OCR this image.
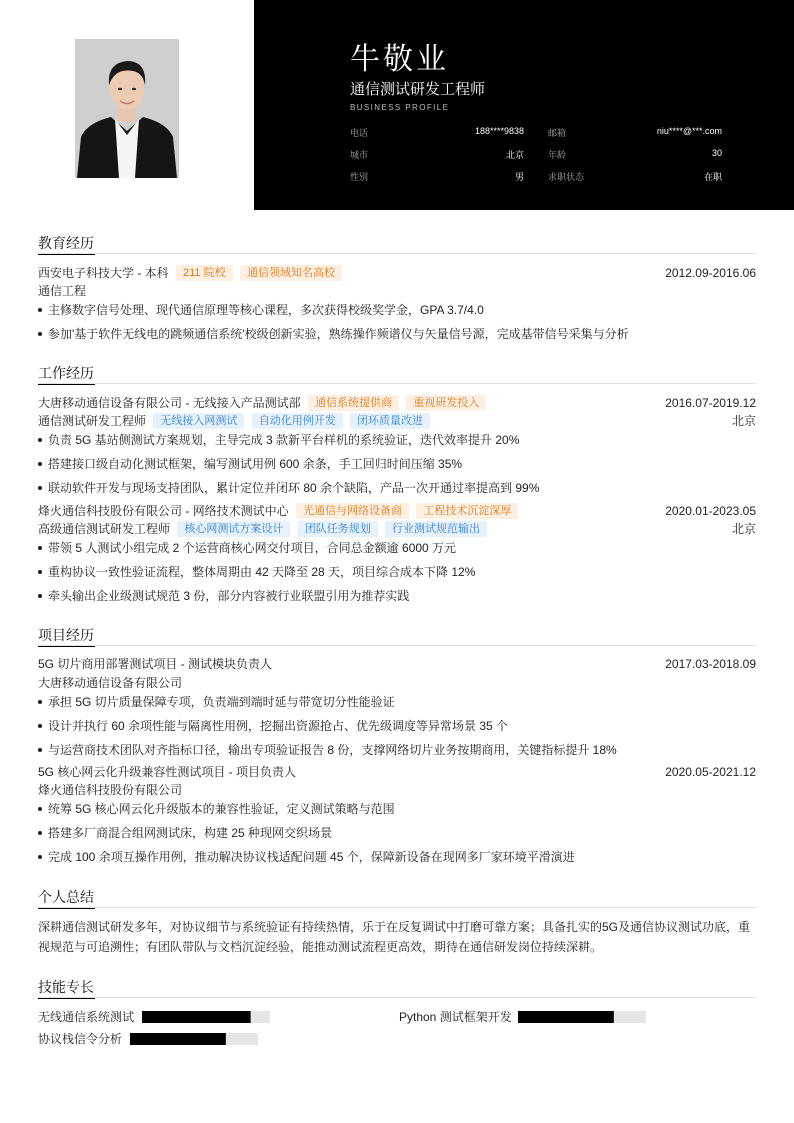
牛敬业
通信测试研发工程师
BUSINESS PROFILE
电话	188****9838	邮箱	niu****@***.com
城市	北京	年龄	30
性别	男	求职状态	在职
教育经历
西安电子科技大学 - 本科 211 院校 通信领域知名高校	2012.09-2016.06
通信工程
主修数字信号处理、现代通信原理等核心课程，多次获得校级奖学金，GPA 3.7/4.0
参加'基于软件无线电的跳频通信系统'校级创新实验，熟练操作频谱仪与矢量信号源，完成基带信号采集与分析
工作经历
大唐移动通信设备有限公司 - 无线接入产品测试部 通信系统提供商 重视研发投入	2016.07-2019.12
通信测试研发工程师 无线接入网测试 自动化用例开发 闭环质量改进	北京
负责 5G 基站侧测试方案规划，主导完成 3 款新平台样机的系统验证，迭代效率提升 20%
搭建接口级自动化测试框架，编写测试用例 600 余条，手工回归时间压缩 35%
联动软件开发与现场支持团队，累计定位并闭环 80 余个缺陷，产品一次开通过率提高到 99%
烽火通信科技股份有限公司 - 网络技术测试中心 光通信与网络设备商 工程技术沉淀深厚	2020.01-2023.05
高级通信测试研发工程师 核心网测试方案设计 团队任务规划 行业测试规范输出	北京
带领 5 人测试小组完成 2 个运营商核心网交付项目，合同总金额逾 6000 万元
重构协议一致性验证流程，整体周期由 42 天降至 28 天，项目综合成本下降 12%
牵头输出企业级测试规范 3 份，部分内容被行业联盟引用为推荐实践
项目经历
5G 切片商用部署测试项目 - 测试模块负责人	2017.03-2018.09
大唐移动通信设备有限公司
承担 5G 切片质量保障专项，负责端到端时延与带宽切分性能验证
设计并执行 60 余项性能与隔离性用例，挖掘出资源抢占、优先级调度等异常场景 35 个
与运营商技术团队对齐指标口径，输出专项验证报告 8 份，支撑网络切片业务按期商用，关键指标提升 18%
5G 核心网云化升级兼容性测试项目 - 项目负责人	2020.05-2021.12
烽火通信科技股份有限公司
统筹 5G 核心网云化升级版本的兼容性验证，定义测试策略与范围
搭建多厂商混合组网测试床，构建 25 种现网交织场景
完成 100 余项互操作用例，推动解决协议栈适配问题 45 个，保障新设备在现网多厂家环境平滑演进
个人总结
深耕通信测试研发多年，对协议细节与系统验证有持续热情，乐于在反复调试中打磨可靠方案；具备扎实的5G及通信协议测试功底，重视规范与可追溯性；有团队带队与文档沉淀经验，能推动测试流程更高效，期待在通信研发岗位持续深耕。
技能专长
无线通信系统测试	Python 测试框架开发
协议栈信令分析
